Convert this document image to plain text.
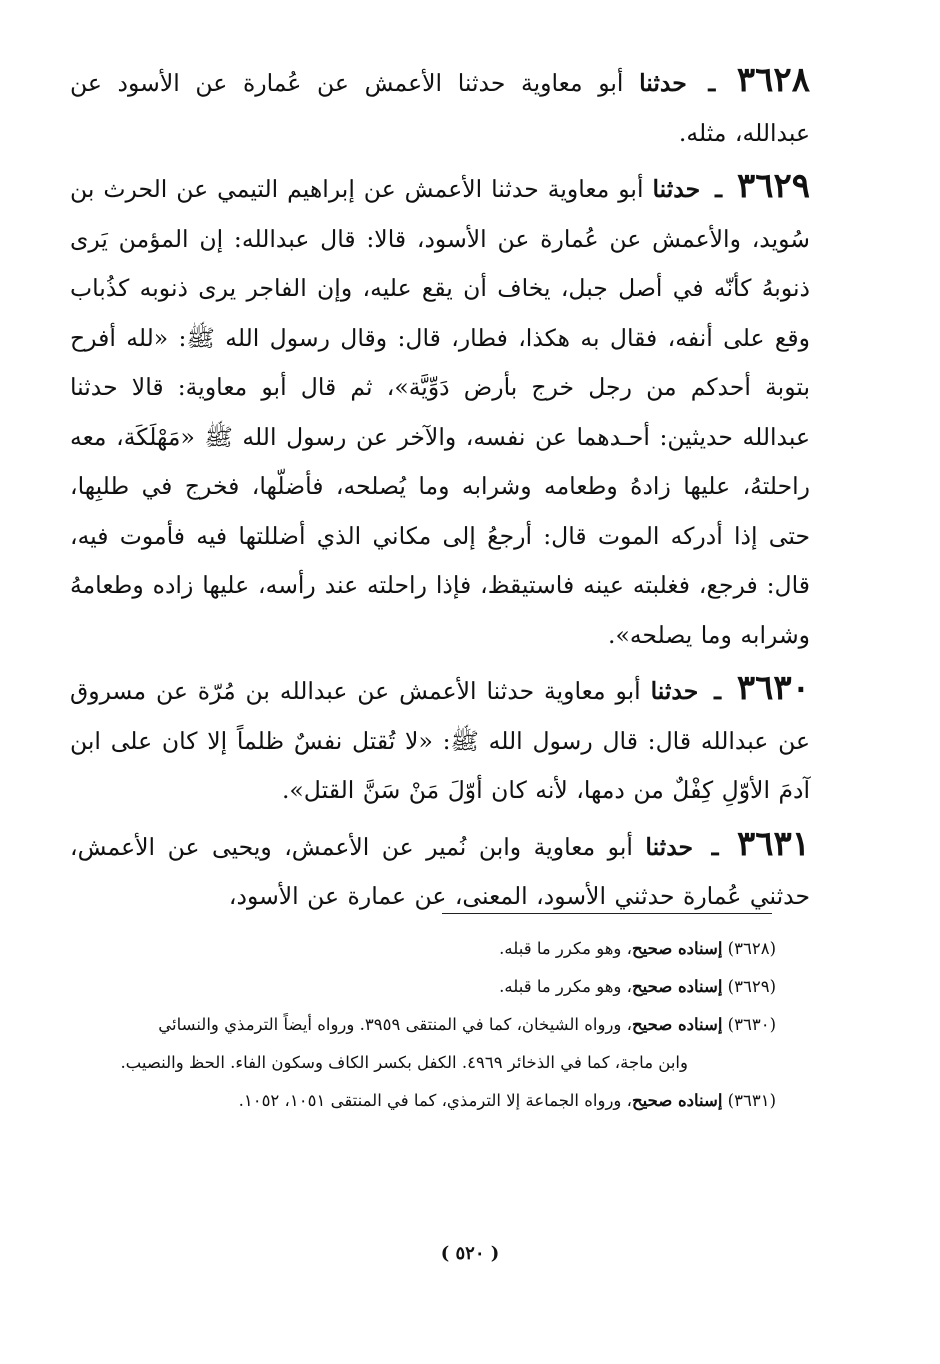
٣٦٢٨ ـ حدثنا أبو معاوية حدثنا الأعمش عن عُمارة عن الأسود عن عبدالله، مثله.

٣٦٢٩ ـ حدثنا أبو معاوية حدثنا الأعمش عن إبراهيم التيمي عن الحرث بن سُويد، والأعمش عن عُمارة عن الأسود، قالا: قال عبدالله: إن المؤمن يَرى ذنوبهُ كأنّه في أصل جبل، يخاف أن يقع عليه، وإن الفاجر يرى ذنوبه كذُباب وقع على أنفه، فقال به هكذا، فطار، قال: وقال رسول الله ﷺ: «لله أفرح بتوبة أحدكم من رجل خرج بأرض دَوِّيَّة»، ثم قال أبو معاوية: قالا حدثنا عبدالله حديثين: أحـدهما عن نفسه، والآخر عن رسول الله ﷺ «مَهْلَكَة، معه راحلتهُ، عليها زادهُ وطعامه وشرابه وما يُصلحه، فأضلّها، فخرج في طلبِها، حتى إذا أدركه الموت قال: أرجعُ إلى مكاني الذي أضللتها فيه فأموت فيه، قال: فرجع، فغلبته عينه فاستيقظ، فإذا راحلته عند رأسه، عليها زاده وطعامهُ وشرابه وما يصلحه».

٣٦٣٠ ـ حدثنا أبو معاوية حدثنا الأعمش عن عبدالله بن مُرّة عن مسروق عن عبدالله قال: قال رسول الله ﷺ: «لا تُقتل نفسٌ ظلماً إلا كان على ابن آدمَ الأوّلِ كِفْلٌ من دمها، لأنه كان أوّلَ مَنْ سَنَّ القتل».

٣٦٣١ ـ حدثنا أبو معاوية وابن نُمير عن الأعمش، ويحيى عن الأعمش، حدثني عُمارة حدثني الأسود، المعنى، عن عمارة عن الأسود،

(٣٦٢٨) إسناده صحيح، وهو مكرر ما قبله.

(٣٦٢٩) إسناده صحيح، وهو مكرر ما قبله.

(٣٦٣٠) إسناده صحيح، ورواه الشيخان، كما في المنتقى ٣٩٥٩. ورواه أيضاً الترمذي والنسائي

وابن ماجة، كما في الذخائر ٤٩٦٩. الكفل بكسر الكاف وسكون الفاء. الحظ والنصيب.

(٣٦٣١) إسناده صحيح، ورواه الجماعة إلا الترمذي، كما في المنتقى ١٠٥١، ١٠٥٢.

( ٥٢٠ )
